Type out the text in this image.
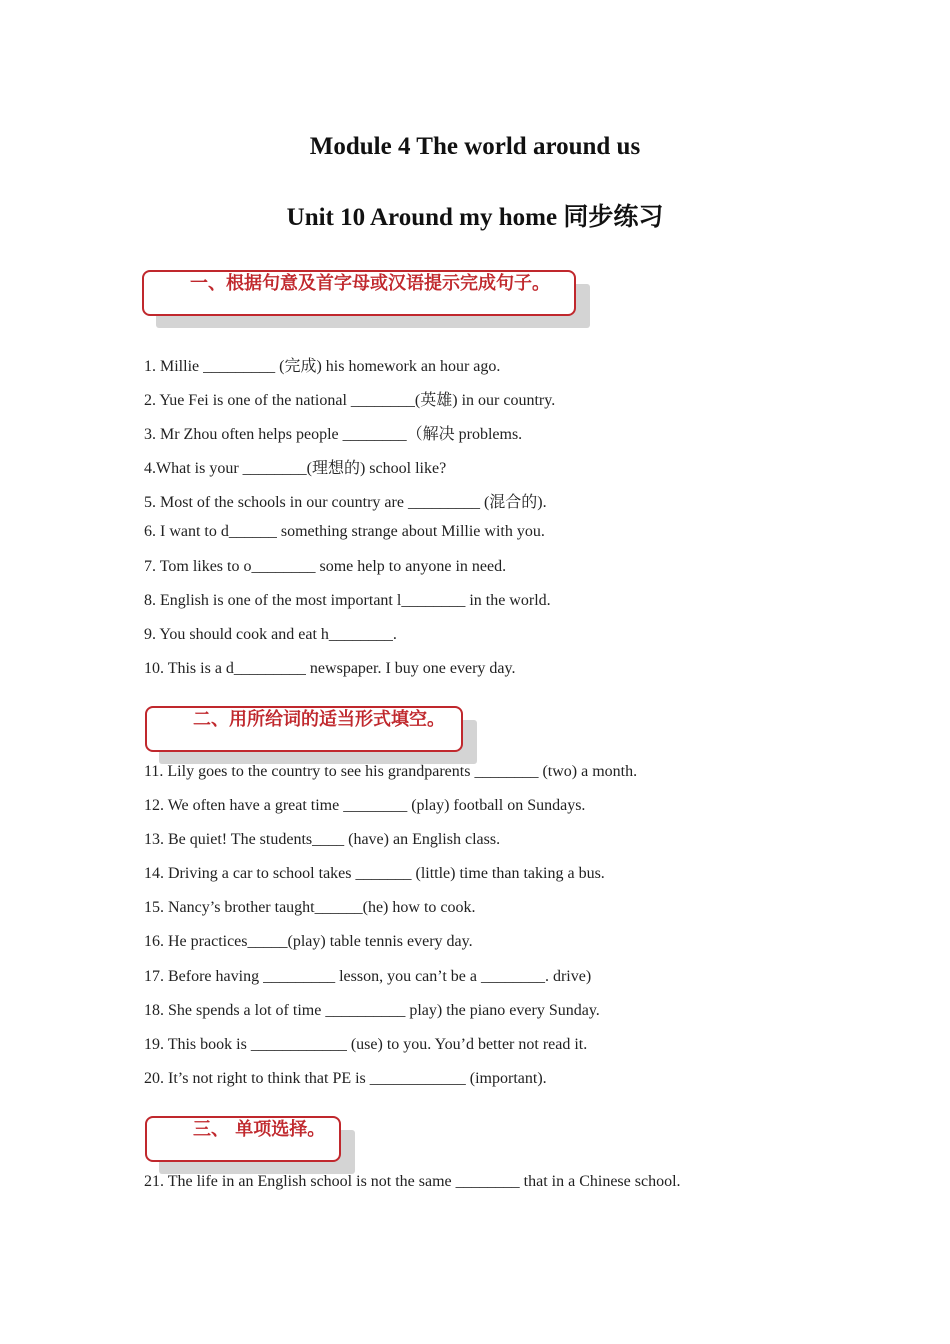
Module 4 The world around us
Unit 10 Around my home 同步练习
一、根据句意及首字母或汉语提示完成句子。
1. Millie _________ (完成) his homework an hour ago.
2. Yue Fei is one of the national ________(英雄) in our country.
3. Mr Zhou often helps people ________（解决 problems.
4.What is your ________(理想的) school like?
5. Most of the schools in our country are _________ (混合的).
6. I want to d______ something strange about Millie with you.
7. Tom likes to o________ some help to anyone in need.
8. English is one of the most important l________ in the world.
9. You should cook and eat h________.
10. This is a d_________ newspaper. I buy one every day.
二、用所给词的适当形式填空。
11. Lily goes to the country to see his grandparents ________ (two) a month.
12. We often have a great time ________ (play) football on Sundays.
13. Be quiet! The students____ (have) an English class.
14. Driving a car to school takes _______ (little) time than taking a bus.
15. Nancy’s brother taught______(he) how to cook.
16. He practices_____(play) table tennis every day.
17. Before having _________ lesson, you can’t be a ________. drive)
18. She spends a lot of time __________ play) the piano every Sunday.
19. This book is ____________ (use) to you. You’d better not read it.
20. It’s not right to think that PE is ____________ (important).
三、 单项选择。
21. The life in an English school is not the same ________ that in a Chinese school.
